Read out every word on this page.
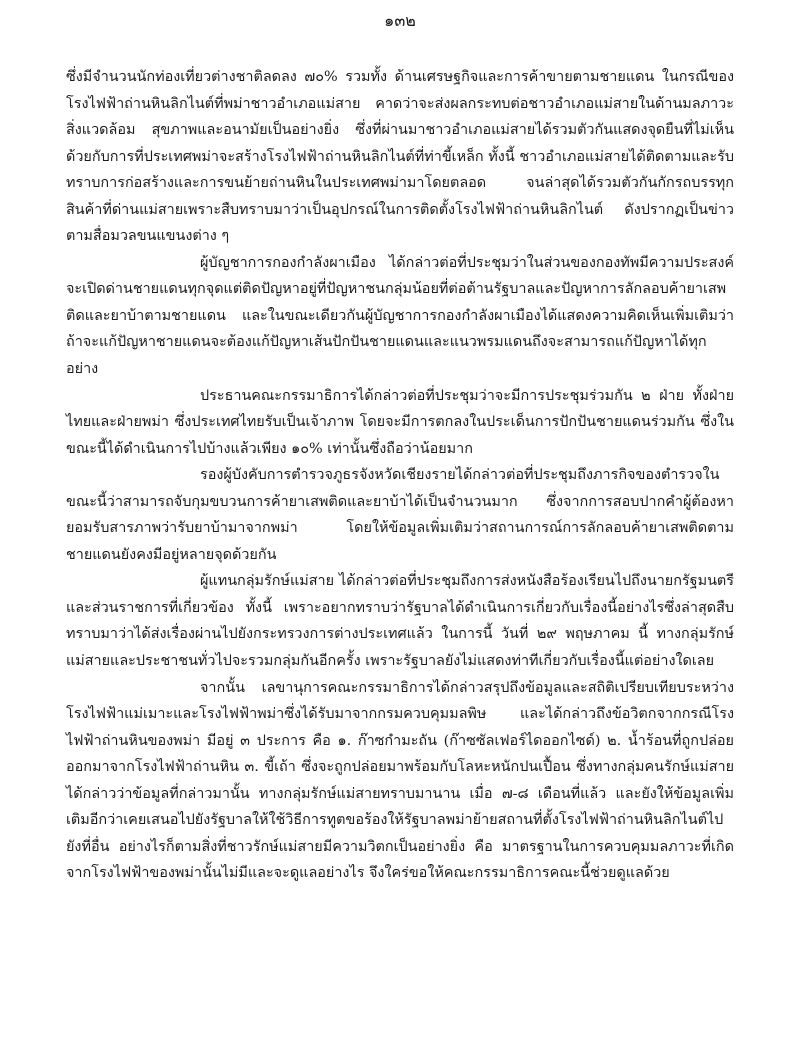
๑๓๒

ซึ่งมีจำนวนนักท่องเที่ยวต่างชาติลดลง ๗๐% รวมทั้ง ด้านเศรษฐกิจและการค้าขายตามชายแดน ในกรณีของโรงไฟฟ้าถ่านหินลิกไนต์ที่พม่าชาวอำเภอแม่สาย คาดว่าจะส่งผลกระทบต่อชาวอำเภอแม่สายในด้านมลภาวะสิ่งแวดล้อม สุขภาพและอนามัยเป็นอย่างยิ่ง ซึ่งที่ผ่านมาชาวอำเภอแม่สายได้รวมตัวกันแสดงจุดยืนที่ไม่เห็นด้วยกับการที่ประเทศพม่าจะสร้างโรงไฟฟ้าถ่านหินลิกไนต์ที่ท่าขี้เหล็ก ทั้งนี้ ชาวอำเภอแม่สายได้ติดตามและรับทราบการก่อสร้างและการขนย้ายถ่านหินในประเทศพม่ามาโดยตลอด จนล่าสุดได้รวมตัวกันกักรถบรรทุกสินค้าที่ด่านแม่สายเพราะสืบทราบมาว่าเป็นอุปกรณ์ในการติดตั้งโรงไฟฟ้าถ่านหินลิกไนต์ ดังปรากฏเป็นข่าวตามสื่อมวลขนแขนงต่าง ๆ

ผู้บัญชาการกองกำลังผาเมือง ได้กล่าวต่อที่ประชุมว่าในส่วนของกองทัพมีความประสงค์จะเปิดด่านชายแดนทุกจุดแต่ติดปัญหาอยู่ที่ปัญหาชนกลุ่มน้อยที่ต่อต้านรัฐบาลและปัญหาการลักลอบค้ายาเสพติดและยาบ้าตามชายแดน และในขณะเดียวกันผู้บัญชาการกองกำลังผาเมืองได้แสดงความคิดเห็นเพิ่มเติมว่า ถ้าจะแก้ปัญหาชายแดนจะต้องแก้ปัญหาเส้นปักปันชายแดนและแนวพรมแดนถึงจะสามารถแก้ปัญหาได้ทุกอย่าง

ประธานคณะกรรมาธิการได้กล่าวต่อที่ประชุมว่าจะมีการประชุมร่วมกัน ๒ ฝ่าย ทั้งฝ่ายไทยและฝ่ายพม่า ซึ่งประเทศไทยรับเป็นเจ้าภาพ โดยจะมีการตกลงในประเด็นการปักปันชายแดนร่วมกัน ซึ่งในขณะนี้ได้ดำเนินการไปบ้างแล้วเพียง ๑๐% เท่านั้นซึ่งถือว่าน้อยมาก

รองผู้บังคับการตำรวจภูธรจังหวัดเชียงรายได้กล่าวต่อที่ประชุมถึงภารกิจของตำรวจในขณะนี้ว่าสามารถจับกุมขบวนการค้ายาเสพติดและยาบ้าได้เป็นจำนวนมาก ซึ่งจากการสอบปากคำผู้ต้องหายอมรับสารภาพว่ารับยาบ้ามาจากพม่า โดยให้ข้อมูลเพิ่มเติมว่าสถานการณ์การลักลอบค้ายาเสพติดตามชายแดนยังคงมีอยู่หลายจุดด้วยกัน

ผู้แทนกลุ่มรักษ์แม่สาย ได้กล่าวต่อที่ประชุมถึงการส่งหนังสือร้องเรียนไปถึงนายกรัฐมนตรีและส่วนราชการที่เกี่ยวข้อง ทั้งนี้ เพราะอยากทราบว่ารัฐบาลได้ดำเนินการเกี่ยวกับเรื่องนี้อย่างไรซึ่งล่าสุดสืบทราบมาว่าได้ส่งเรื่องผ่านไปยังกระทรวงการต่างประเทศแล้ว ในการนี้ วันที่ ๒๙ พฤษภาคม นี้ ทางกลุ่มรักษ์แม่สายและประชาชนทั่วไปจะรวมกลุ่มกันอีกครั้ง เพราะรัฐบาลยังไม่แสดงท่าทีเกี่ยวกับเรื่องนี้แต่อย่างใดเลย

จากนั้น เลขานุการคณะกรรมาธิการได้กล่าวสรุปถึงข้อมูลและสถิติเปรียบเทียบระหว่างโรงไฟฟ้าแม่เมาะและโรงไฟฟ้าพม่าซึ่งได้รับมาจากกรมควบคุมมลพิษ และได้กล่าวถึงข้อวิตกจากกรณีโรงไฟฟ้าถ่านหินของพม่า มีอยู่ ๓ ประการ คือ ๑. ก๊าซกำมะถัน (ก๊าซซัลเฟอร์ไดออกไซด์) ๒. น้ำร้อนที่ถูกปล่อยออกมาจากโรงไฟฟ้าถ่านหิน ๓. ขี้เถ้า ซึ่งจะถูกปล่อยมาพร้อมกับโลหะหนักปนเปื้อน ซึ่งทางกลุ่มคนรักษ์แม่สายได้กล่าวว่าข้อมูลที่กล่าวมานั้น ทางกลุ่มรักษ์แม่สายทราบมานาน เมื่อ ๗-๘ เดือนที่แล้ว และยังให้ข้อมูลเพิ่มเติมอีกว่าเคยเสนอไปยังรัฐบาลให้ใช้วิธีการทูตขอร้องให้รัฐบาลพม่าย้ายสถานที่ตั้งโรงไฟฟ้าถ่านหินลิกไนต์ไปยังที่อื่น อย่างไรก็ตามสิ่งที่ชาวรักษ์แม่สายมีความวิตกเป็นอย่างยิ่ง คือ มาตรฐานในการควบคุมมลภาวะที่เกิดจากโรงไฟฟ้าของพม่านั้นไม่มีและจะดูแลอย่างไร จึงใคร่ขอให้คณะกรรมาธิการคณะนี้ช่วยดูแลด้วย
